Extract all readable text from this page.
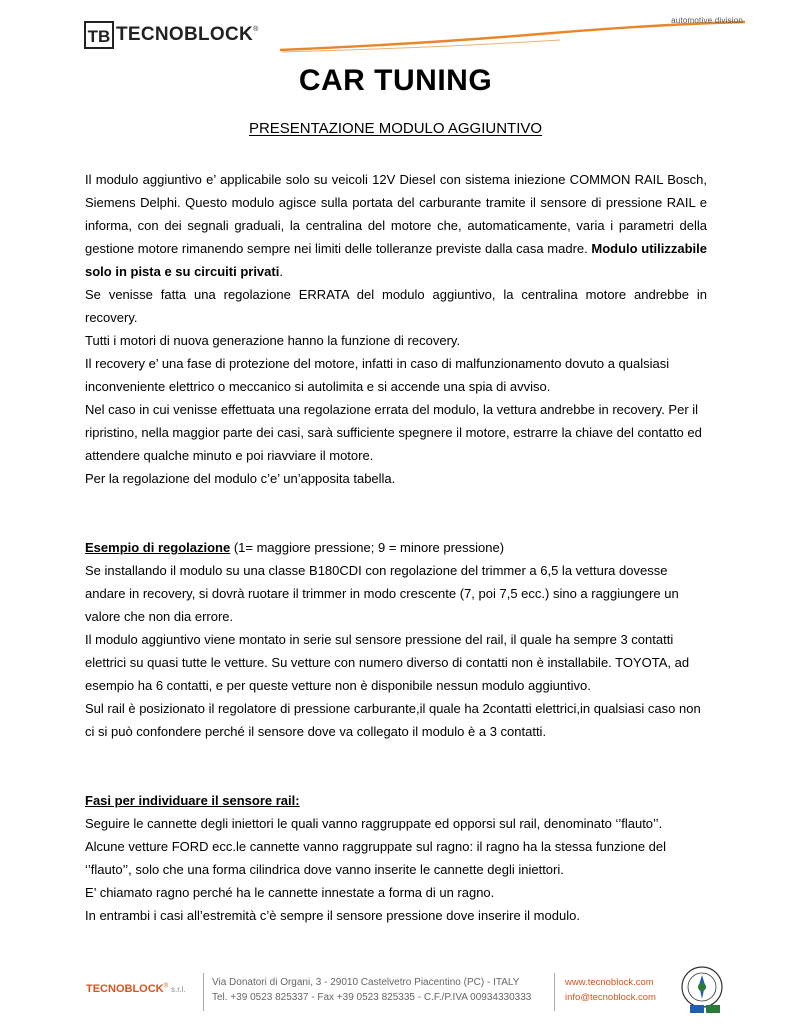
automotive division
TB TECNOBLOCK®
CAR TUNING
PRESENTAZIONE MODULO AGGIUNTIVO

Il modulo aggiuntivo e’ applicabile solo su veicoli 12V Diesel con sistema iniezione COMMON RAIL Bosch, Siemens Delphi. Questo modulo agisce sulla portata del carburante tramite il sensore di pressione RAIL e informa, con dei segnali graduali, la centralina del motore che, automaticamente, varia i parametri della gestione motore rimanendo sempre nei limiti delle tolleranze previste dalla casa madre. Modulo utilizzabile solo in pista e su circuiti privati.

Se venisse fatta una regolazione ERRATA del modulo aggiuntivo, la centralina motore andrebbe in recovery.

Tutti i motori di nuova generazione hanno la funzione di recovery.

Il recovery e’ una fase di protezione del motore, infatti in caso di malfunzionamento dovuto a qualsiasi inconveniente elettrico o meccanico si autolimita e si accende una spia di avviso.

Nel caso in cui venisse effettuata una regolazione errata del modulo, la vettura andrebbe in recovery. Per il ripristino, nella maggior parte dei casi, sarà sufficiente spegnere il motore, estrarre la chiave del contatto ed attendere qualche minuto e poi riavviare il motore.

Per la regolazione del modulo c’e’ un’apposita tabella.

Esempio di regolazione (1= maggiore pressione; 9 = minore pressione)

Se installando il modulo su una classe B180CDI con regolazione del trimmer a 6,5 la vettura dovesse andare in recovery, si dovrà ruotare il trimmer in modo crescente (7, poi 7,5 ecc.) sino a raggiungere un valore che non dia errore.

Il modulo aggiuntivo viene montato in serie sul sensore pressione del rail, il quale ha sempre 3 contatti elettrici su quasi tutte le vetture. Su vetture con numero diverso di contatti non è installabile. TOYOTA, ad esempio ha 6 contatti, e per queste vetture non è disponibile nessun modulo aggiuntivo.

Sul rail è posizionato il regolatore di pressione carburante,il quale ha 2contatti elettrici,in qualsiasi caso non ci si può confondere perché il sensore dove va collegato il modulo è a 3 contatti.

Fasi per individuare il sensore rail:

Seguire le cannette degli iniettori le quali vanno raggruppate ed opporsi sul rail, denominato ‘’flauto’’.

Alcune vetture FORD ecc.le cannette vanno raggruppate sul ragno: il ragno ha la stessa funzione del ‘’flauto’’, solo che una forma cilindrica dove vanno inserite le cannette degli iniettori.

E’ chiamato ragno perché ha le cannette innestate a forma di un ragno.

In entrambi i casi all’estremità c’è sempre il sensore pressione dove inserire il modulo.

TECNOBLOCK® s.r.l.
Via Donatori di Organi, 3 - 29010 Castelvetro Piacentino (PC) - ITALY
Tel. +39 0523 825337 - Fax +39 0523 825335 - C.F./P.IVA 00934330333
www.tecnoblock.com
info@tecnoblock.com
